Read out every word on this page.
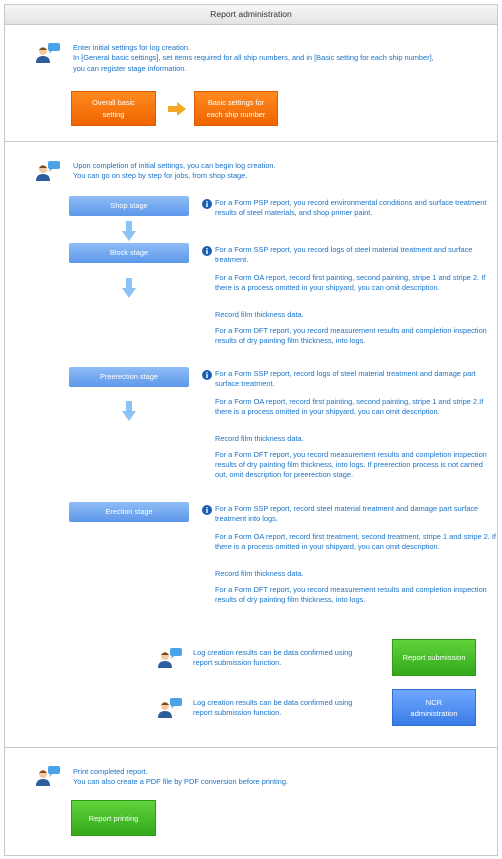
Report administration
Enter initial settings for log creation.
In [General basic settings], set items required for all ship numbers, and in [Basic setting for each ship number],
you can register stage information.
Overall basic
setting
Basic settings for
each ship number
Upon completion of initial settings, you can begin log creation.
You can go on step by step for jobs, from shop stage.
Shop stage	For a Form PSP report, you record environmental conditions and surface treatment results of steel materials, and shop primer paint.
Block stage	For a Form SSP report, you record logs of steel material treatment and surface treatment.
For a Form OA report, record first painting, second painting, stripe 1 and stripe 2. If there is a process omitted in your shipyard, you can omit description.
Record film thickness data.
For a Form DFT report, you record measurement results and completion inspection results of dry painting film thickness, into logs.
Preerection stage	For a Form SSP report, record logs of steel material treatment and damage part surface treatment.
For a Form OA report, record first painting, second painting, stripe 1 and stripe 2.If there is a process omitted in your shipyard, you can omit description.
Record film thickness data.
For a Form DFT report, you record measurement results and completion inspection results of dry painting film thickness, into logs. If preerection process is not carried out, omit description for preerection stage.
Erection stage	For a Form SSP report, record steel material treatment and damage part surface treatment into logs.
For a Form OA report, record first treatment, second treatment, stripe 1 and stripe 2. If there is a process omitted in your shipyard, you can omit description.
Record film thickness data.
For a Form DFT report, you record measurement results and completion inspection results of dry painting film thickness, into logs.
Log creation results can be data confirmed using
report submission function.
Report submission
Log creation results can be data confirmed using
report submission function.
NCR
administration
Print completed report.
You can also create a PDF file by PDF conversion before printing.
Report printing
